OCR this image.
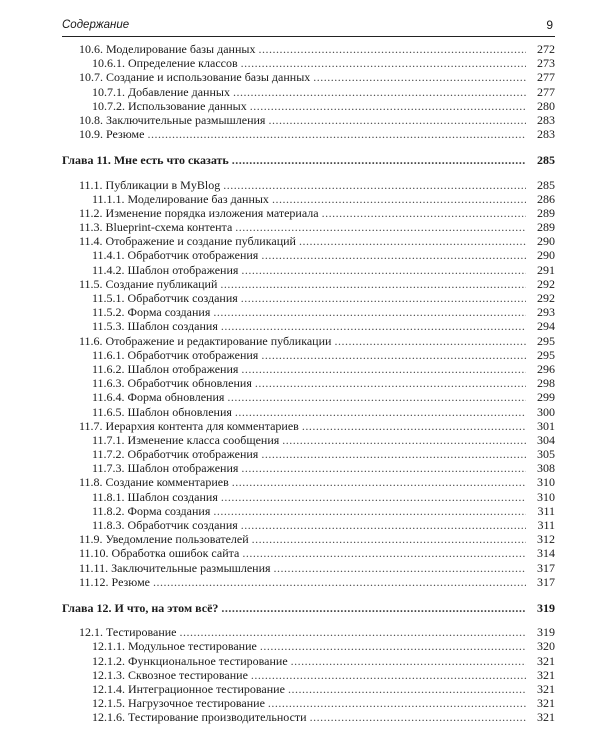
Содержание	9
10.6. Моделирование базы данных .....	272
10.6.1. Определение классов .....	273
10.7. Создание и использование базы данных .....	277
10.7.1. Добавление данных .....	277
10.7.2. Использование данных .....	280
10.8. Заключительные размышления .....	283
10.9. Резюме .....	283
Глава 11. Мне есть что сказать .....	285
11.1. Публикации в MyBlog .....	285
11.1.1. Моделирование баз данных .....	286
11.2. Изменение порядка изложения материала .....	289
11.3. Blueprint-схема контента .....	289
11.4. Отображение и создание публикаций .....	290
11.4.1. Обработчик отображения .....	290
11.4.2. Шаблон отображения .....	291
11.5. Создание публикаций .....	292
11.5.1. Обработчик создания .....	292
11.5.2. Форма создания .....	293
11.5.3. Шаблон создания .....	294
11.6. Отображение и редактирование публикации .....	295
11.6.1. Обработчик отображения .....	295
11.6.2. Шаблон отображения .....	296
11.6.3. Обработчик обновления .....	298
11.6.4. Форма обновления .....	299
11.6.5. Шаблон обновления .....	300
11.7. Иерархия контента для комментариев .....	301
11.7.1. Изменение класса сообщения .....	304
11.7.2. Обработчик отображения .....	305
11.7.3. Шаблон отображения .....	308
11.8. Создание комментариев .....	310
11.8.1. Шаблон создания .....	310
11.8.2. Форма создания .....	311
11.8.3. Обработчик создания .....	311
11.9. Уведомление пользователей .....	312
11.10. Обработка ошибок сайта .....	314
11.11. Заключительные размышления .....	317
11.12. Резюме .....	317
Глава 12. И что, на этом всё? .....	319
12.1. Тестирование .....	319
12.1.1. Модульное тестирование .....	320
12.1.2. Функциональное тестирование .....	321
12.1.3. Сквозное тестирование .....	321
12.1.4. Интеграционное тестирование .....	321
12.1.5. Нагрузочное тестирование .....	321
12.1.6. Тестирование производительности .....	321
